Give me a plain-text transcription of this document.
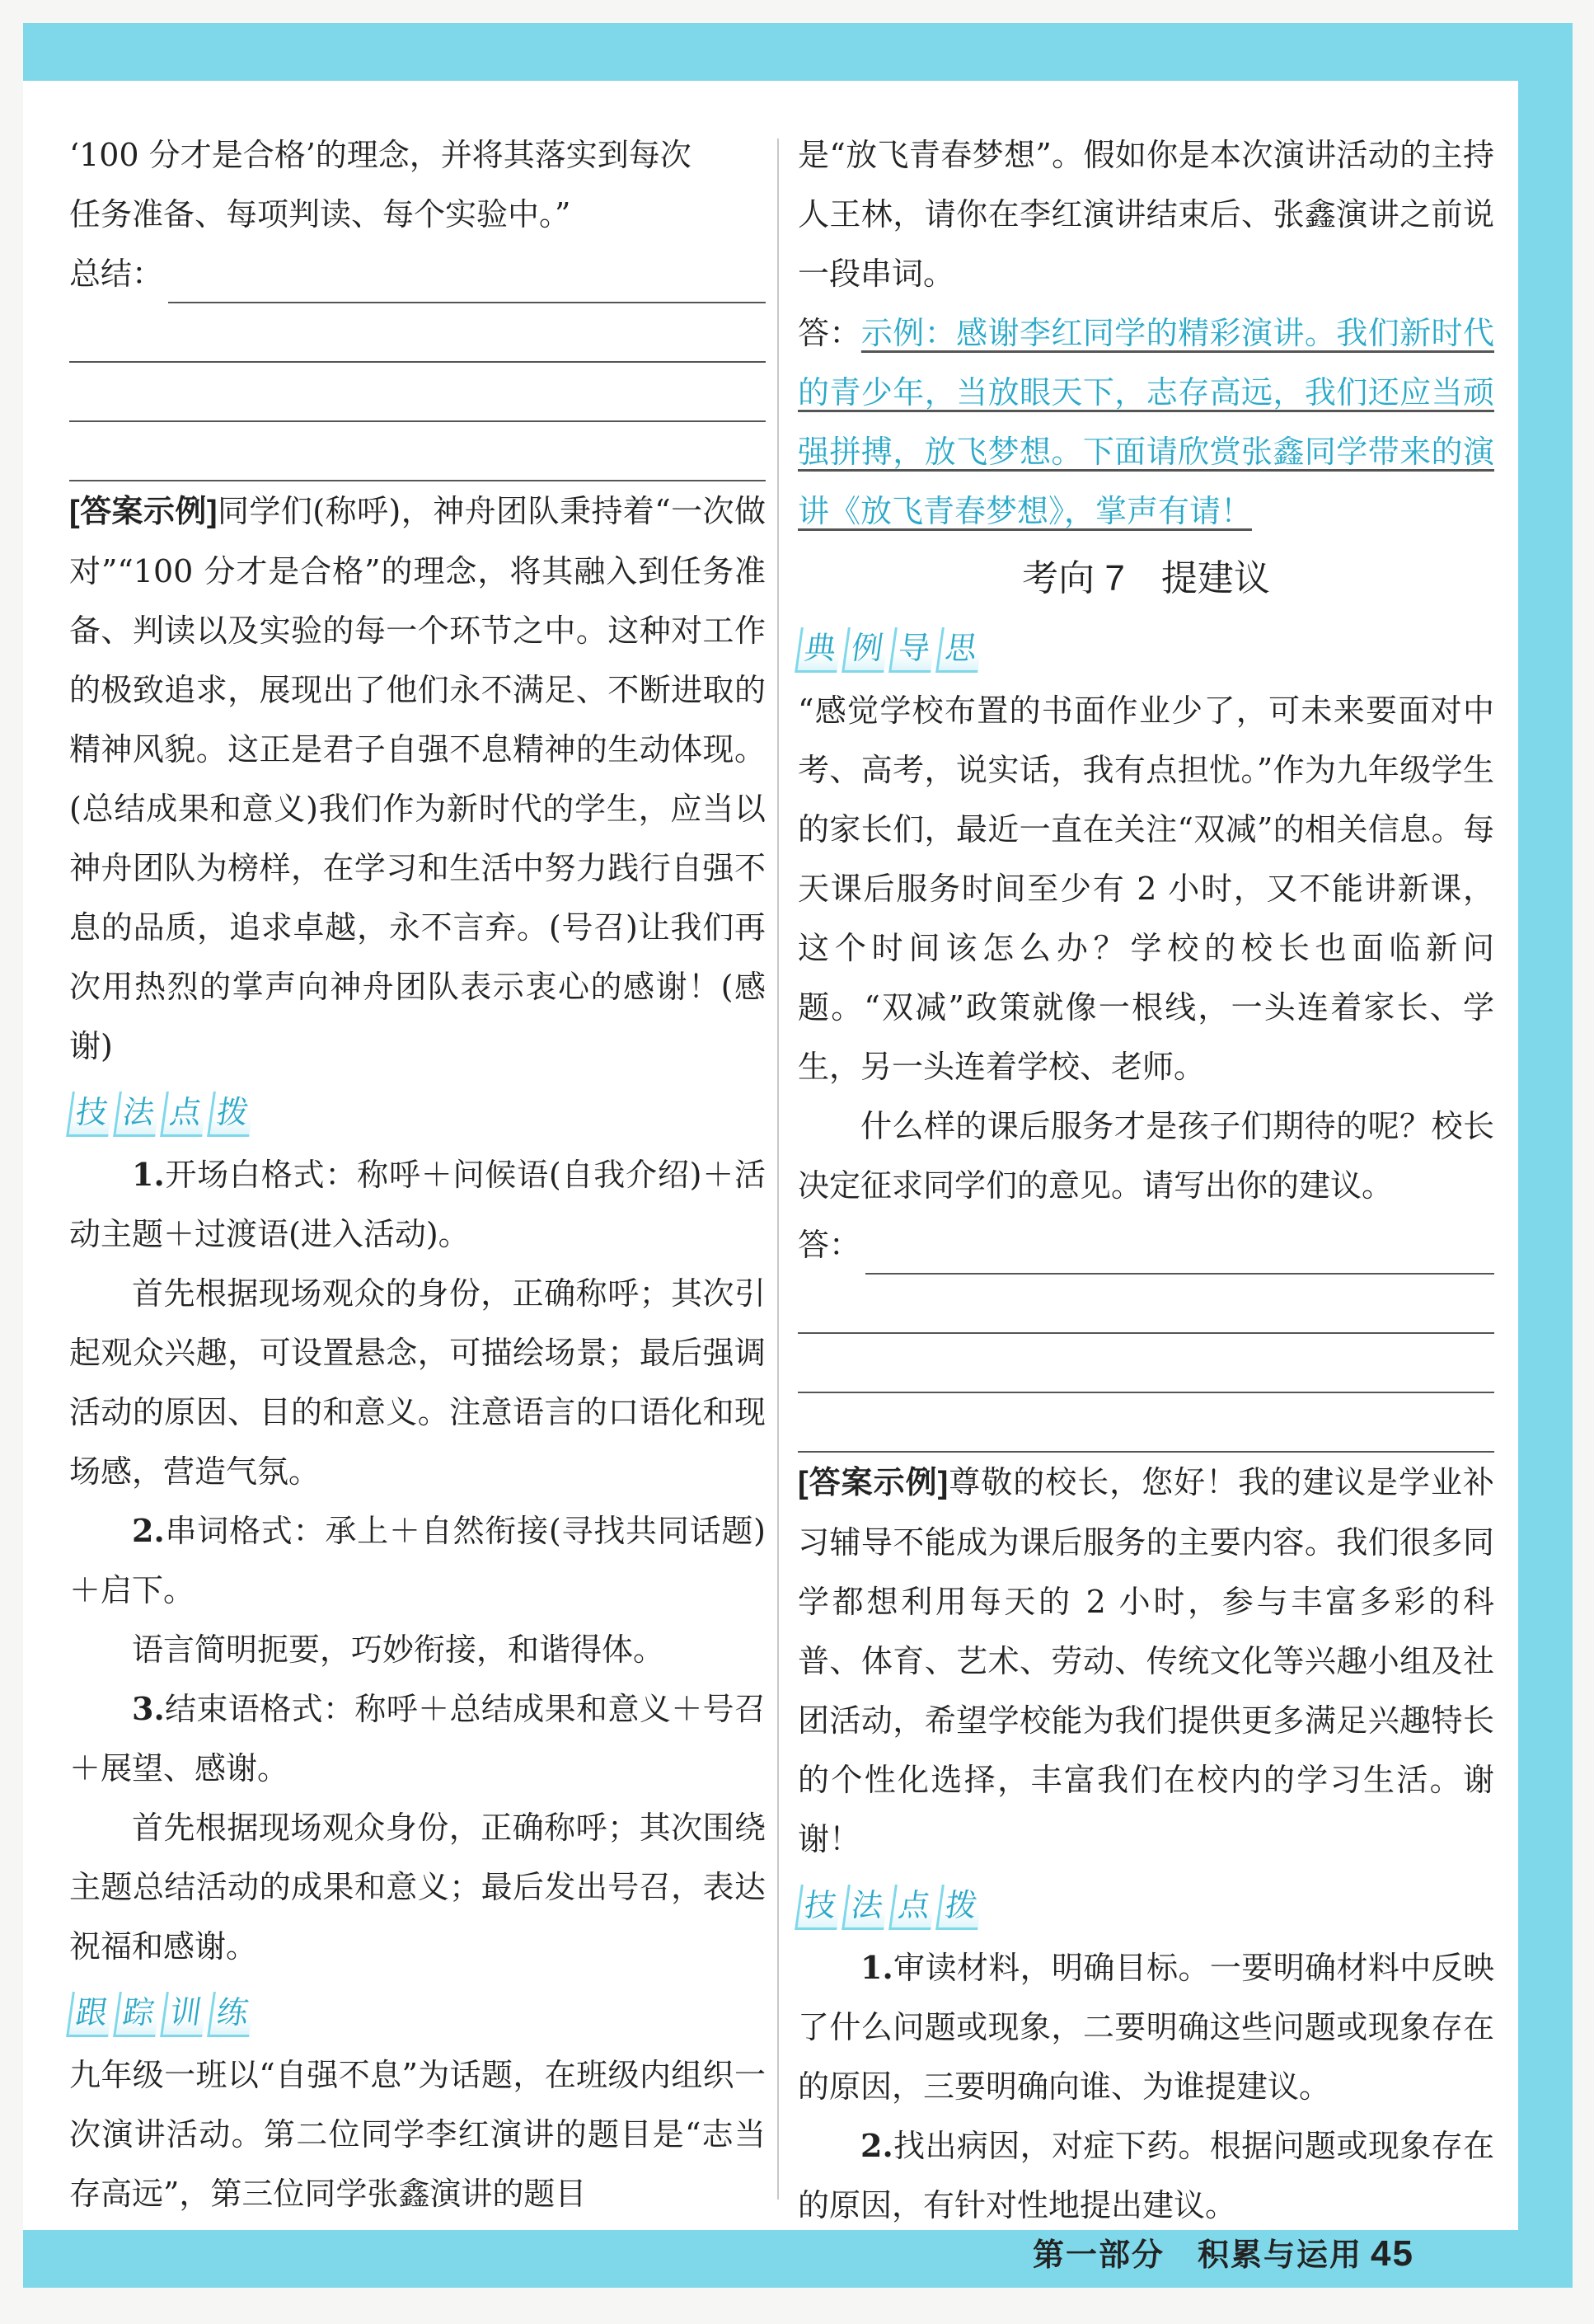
‘100 分才是合格’的理念，并将其落实到每次

任务准备、每项判读、每个实验中。”

总结：

[答案示例]同学们(称呼)，神舟团队秉持着“一次做对”“100 分才是合格”的理念，将其融入到任务准备、判读以及实验的每一个环节之中。这种对工作的极致追求，展现出了他们永不满足、不断进取的精神风貌。这正是君子自强不息精神的生动体现。(总结成果和意义)我们作为新时代的学生，应当以神舟团队为榜样，在学习和生活中努力践行自强不息的品质，追求卓越，永不言弃。(号召)让我们再次用热烈的掌声向神舟团队表示衷心的感谢！(感谢)

技 法 点 拨

1.开场白格式：称呼＋问候语(自我介绍)＋活动主题＋过渡语(进入活动)。

首先根据现场观众的身份，正确称呼；其次引起观众兴趣，可设置悬念，可描绘场景；最后强调活动的原因、目的和意义。注意语言的口语化和现场感，营造气氛。

2.串词格式：承上＋自然衔接(寻找共同话题)＋启下。

语言简明扼要，巧妙衔接，和谐得体。

3.结束语格式：称呼＋总结成果和意义＋号召＋展望、感谢。

首先根据现场观众身份，正确称呼；其次围绕主题总结活动的成果和意义；最后发出号召，表达祝福和感谢。

跟 踪 训 练

九年级一班以“自强不息”为话题，在班级内组织一次演讲活动。第二位同学李红演讲的题目是“志当存高远”，第三位同学张鑫演讲的题目

是“放飞青春梦想”。假如你是本次演讲活动的主持人王林，请你在李红演讲结束后、张鑫演讲之前说一段串词。

答：示例：感谢李红同学的精彩演讲。我们新时代的青少年，当放眼天下，志存高远，我们还应当顽强拼搏，放飞梦想。下面请欣赏张鑫同学带来的演讲《放飞青春梦想》，掌声有请！

考向 7　提建议
典 例 导 思

“感觉学校布置的书面作业少了，可未来要面对中考、高考，说实话，我有点担忧。”作为九年级学生的家长们，最近一直在关注“双减”的相关信息。每天课后服务时间至少有 2 小时，又不能讲新课，这个时间该怎么办？学校的校长也面临新问题。“双减”政策就像一根线，一头连着家长、学生，另一头连着学校、老师。

什么样的课后服务才是孩子们期待的呢？校长决定征求同学们的意见。请写出你的建议。

答：

[答案示例]尊敬的校长，您好！我的建议是学业补习辅导不能成为课后服务的主要内容。我们很多同学都想利用每天的 2 小时，参与丰富多彩的科普、体育、艺术、劳动、传统文化等兴趣小组及社团活动，希望学校能为我们提供更多满足兴趣特长的个性化选择，丰富我们在校内的学习生活。谢谢！

技 法 点 拨

1.审读材料，明确目标。一要明确材料中反映了什么问题或现象，二要明确这些问题或现象存在的原因，三要明确向谁、为谁提建议。

2.找出病因，对症下药。根据问题或现象存在的原因，有针对性地提出建议。

第一部分　积累与运用 45
